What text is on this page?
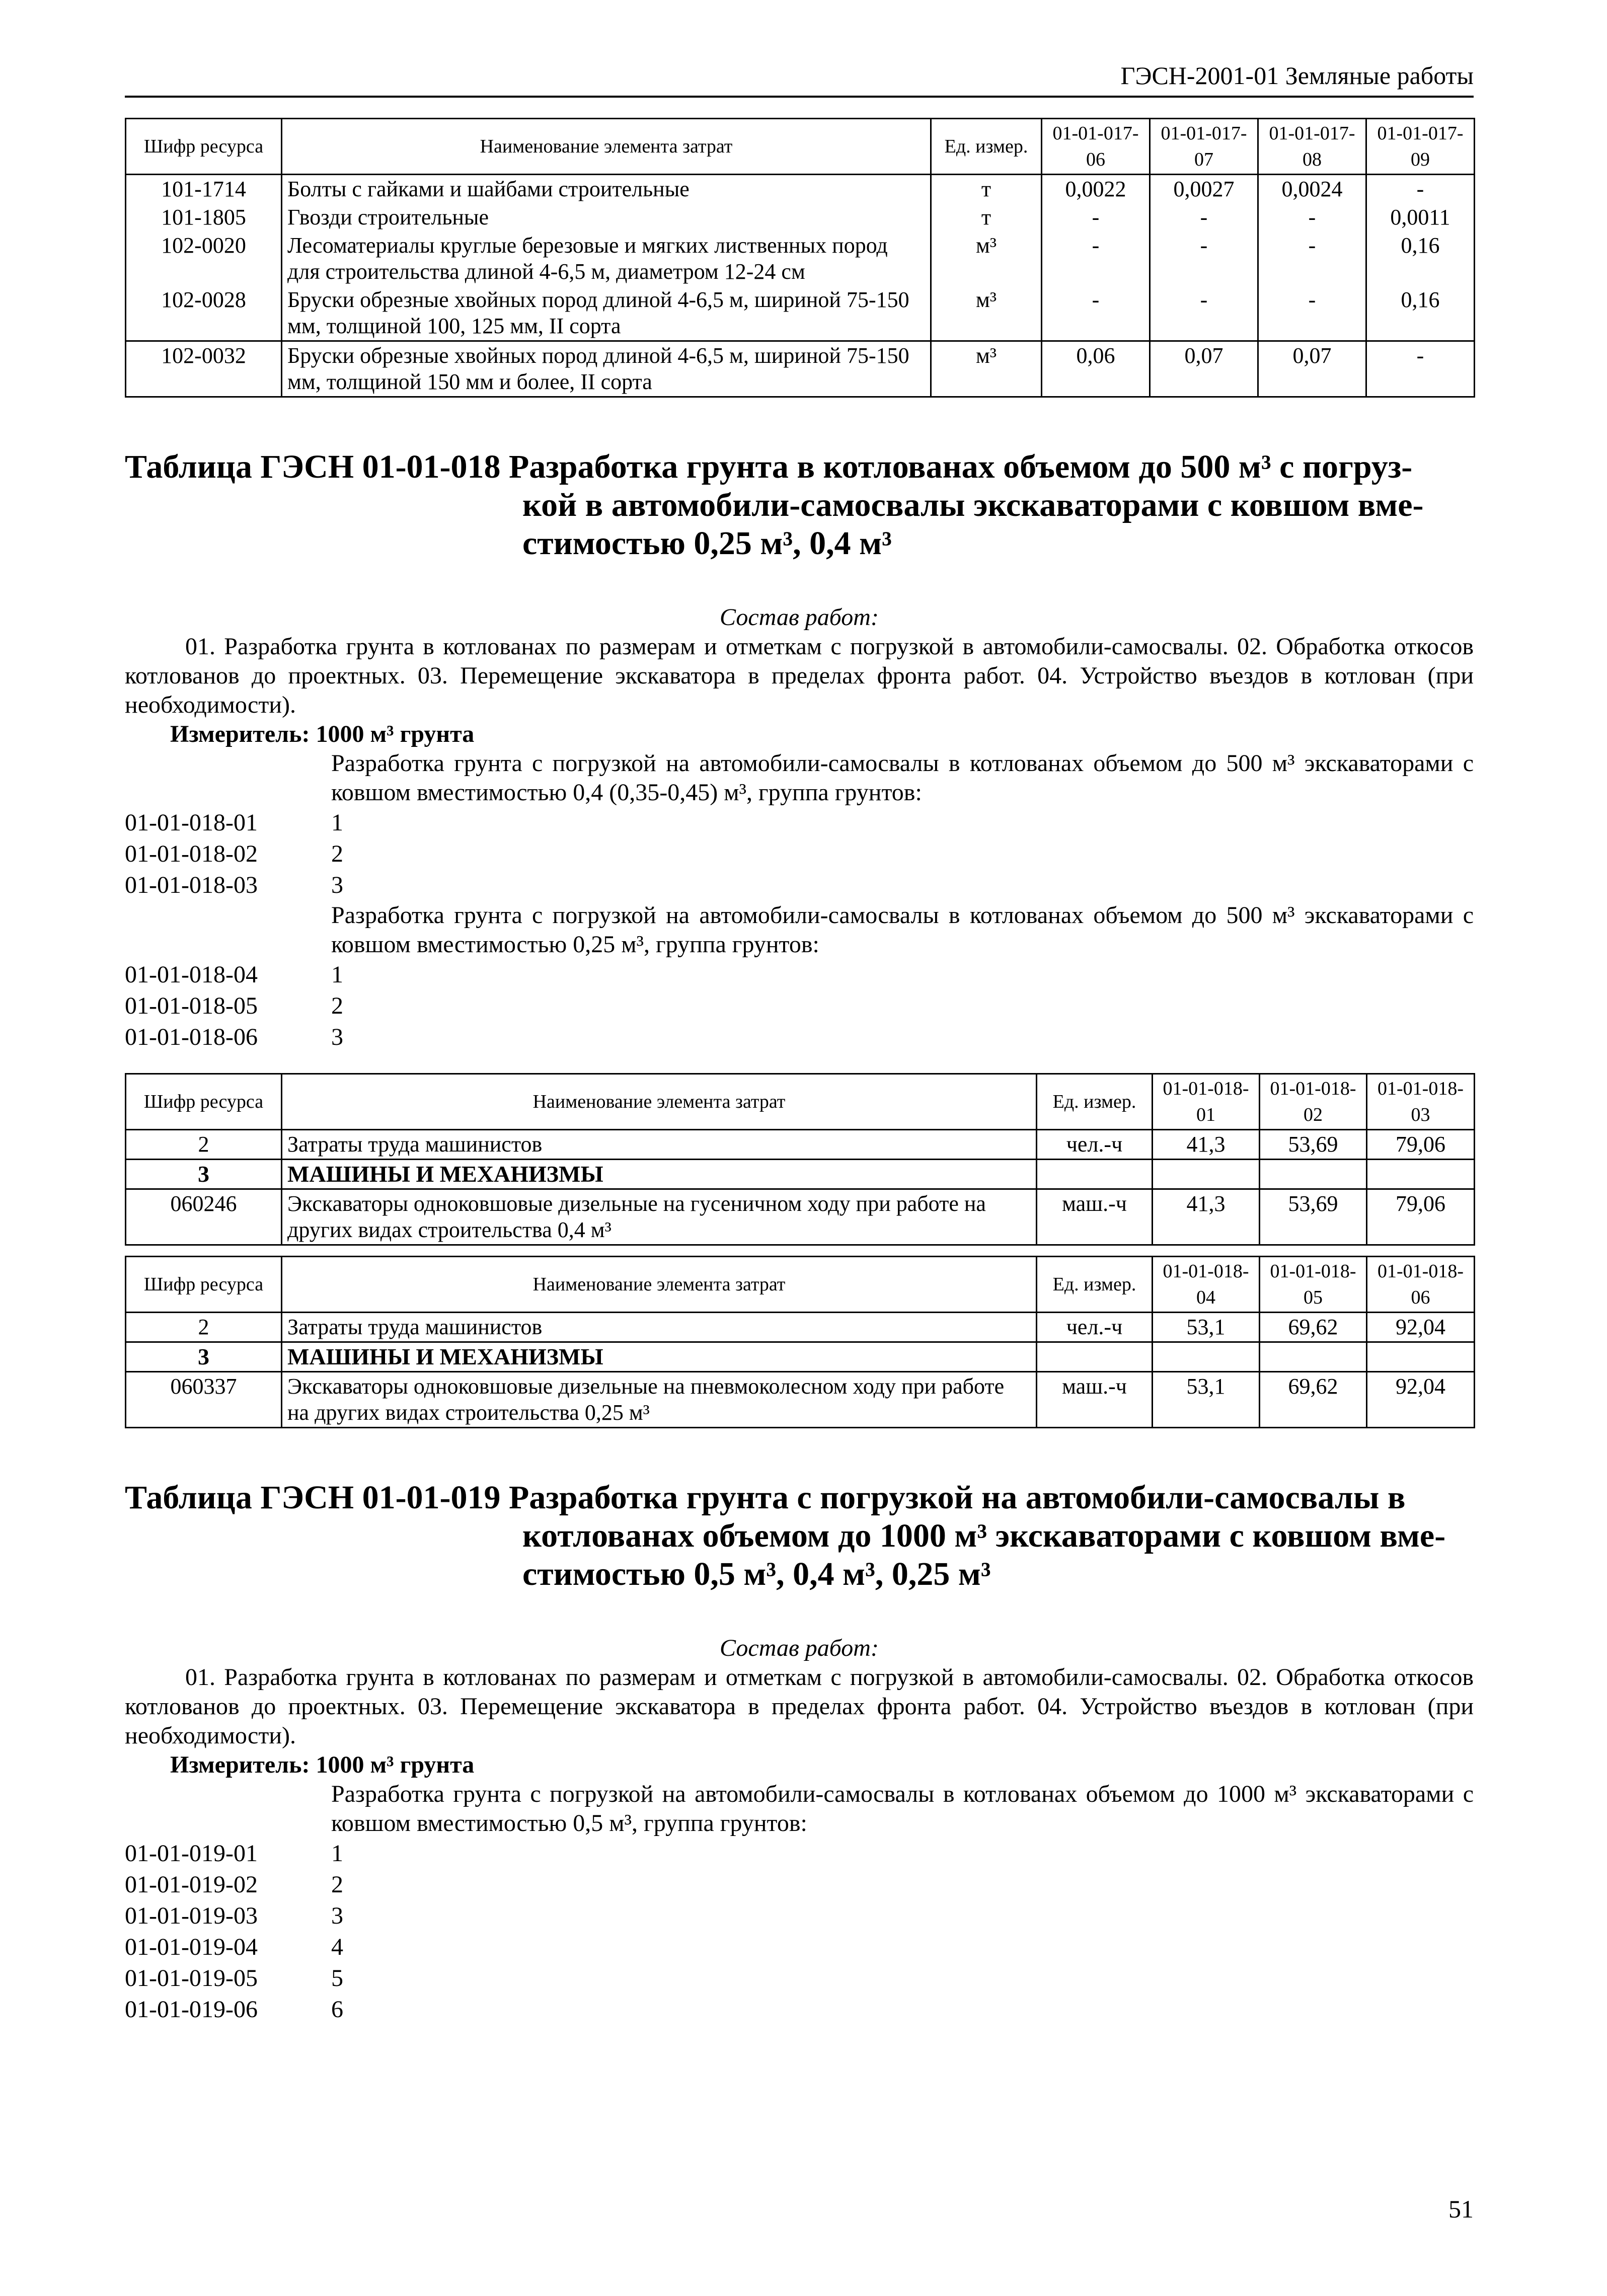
ГЭСН-2001-01 Земляные работы
Шифр ресурса	Наименование элемента затрат	Ед. измер.	01-01-017-06	01-01-017-07	01-01-017-08	01-01-017-09
101-1714	Болты с гайками и шайбами строительные	т	0,0022	0,0027	0,0024	-
101-1805	Гвозди строительные	т	-	-	-	0,0011
102-0020	Лесоматериалы круглые березовые и мягких лиственных пород для строительства длиной 4-6,5 м, диаметром 12-24 см	м³	-	-	-	0,16
102-0028	Бруски обрезные хвойных пород длиной 4-6,5 м, шириной 75-150 мм, толщиной 100, 125 мм, II сорта	м³	-	-	-	0,16
102-0032	Бруски обрезные хвойных пород длиной 4-6,5 м, шириной 75-150 мм, толщиной 150 мм и более, II сорта	м³	0,06	0,07	0,07	-
Таблица ГЭСН 01-01-018 Разработка грунта в котлованах объемом до 500 м³ с погруз-
кой в автомобили-самосвалы экскаваторами с ковшом вме-
стимостью 0,25 м³, 0,4 м³
Состав работ:
01. Разработка грунта в котлованах по размерам и отметкам с погрузкой в автомобили-самосвалы. 02. Обработка откосов котлованов до проектных. 03. Перемещение экскаватора в пределах фронта работ. 04. Устройство въездов в котлован (при необходимости).
Измеритель: 1000 м³ грунта
Разработка грунта с погрузкой на автомобили-самосвалы в котлованах объемом до 500 м³ экскаваторами с ковшом вместимостью 0,4 (0,35-0,45) м³, группа грунтов:
01-01-018-01	1
01-01-018-02	2
01-01-018-03	3
Разработка грунта с погрузкой на автомобили-самосвалы в котлованах объемом до 500 м³ экскаваторами с ковшом вместимостью 0,25 м³, группа грунтов:
01-01-018-04	1
01-01-018-05	2
01-01-018-06	3
Шифр ресурса	Наименование элемента затрат	Ед. измер.	01-01-018-01	01-01-018-02	01-01-018-03
2	Затраты труда машинистов	чел.-ч	41,3	53,69	79,06
3	МАШИНЫ И МЕХАНИЗМЫ				
060246	Экскаваторы одноковшовые дизельные на гусеничном ходу при работе на других видах строительства 0,4 м³	маш.-ч	41,3	53,69	79,06
Шифр ресурса	Наименование элемента затрат	Ед. измер.	01-01-018-04	01-01-018-05	01-01-018-06
2	Затраты труда машинистов	чел.-ч	53,1	69,62	92,04
3	МАШИНЫ И МЕХАНИЗМЫ				
060337	Экскаваторы одноковшовые дизельные на пневмоколесном ходу при работе на других видах строительства 0,25 м³	маш.-ч	53,1	69,62	92,04
Таблица ГЭСН 01-01-019 Разработка грунта с погрузкой на автомобили-самосвалы в
котлованах объемом до 1000 м³ экскаваторами с ковшом вме-
стимостью 0,5 м³, 0,4 м³, 0,25 м³
Состав работ:
01. Разработка грунта в котлованах по размерам и отметкам с погрузкой в автомобили-самосвалы. 02. Обработка откосов котлованов до проектных. 03. Перемещение экскаватора в пределах фронта работ. 04. Устройство въездов в котлован (при необходимости).
Измеритель: 1000 м³ грунта
Разработка грунта с погрузкой на автомобили-самосвалы в котлованах объемом до 1000 м³ экскаваторами с ковшом вместимостью 0,5 м³, группа грунтов:
01-01-019-01	1
01-01-019-02	2
01-01-019-03	3
01-01-019-04	4
01-01-019-05	5
01-01-019-06	6
51
